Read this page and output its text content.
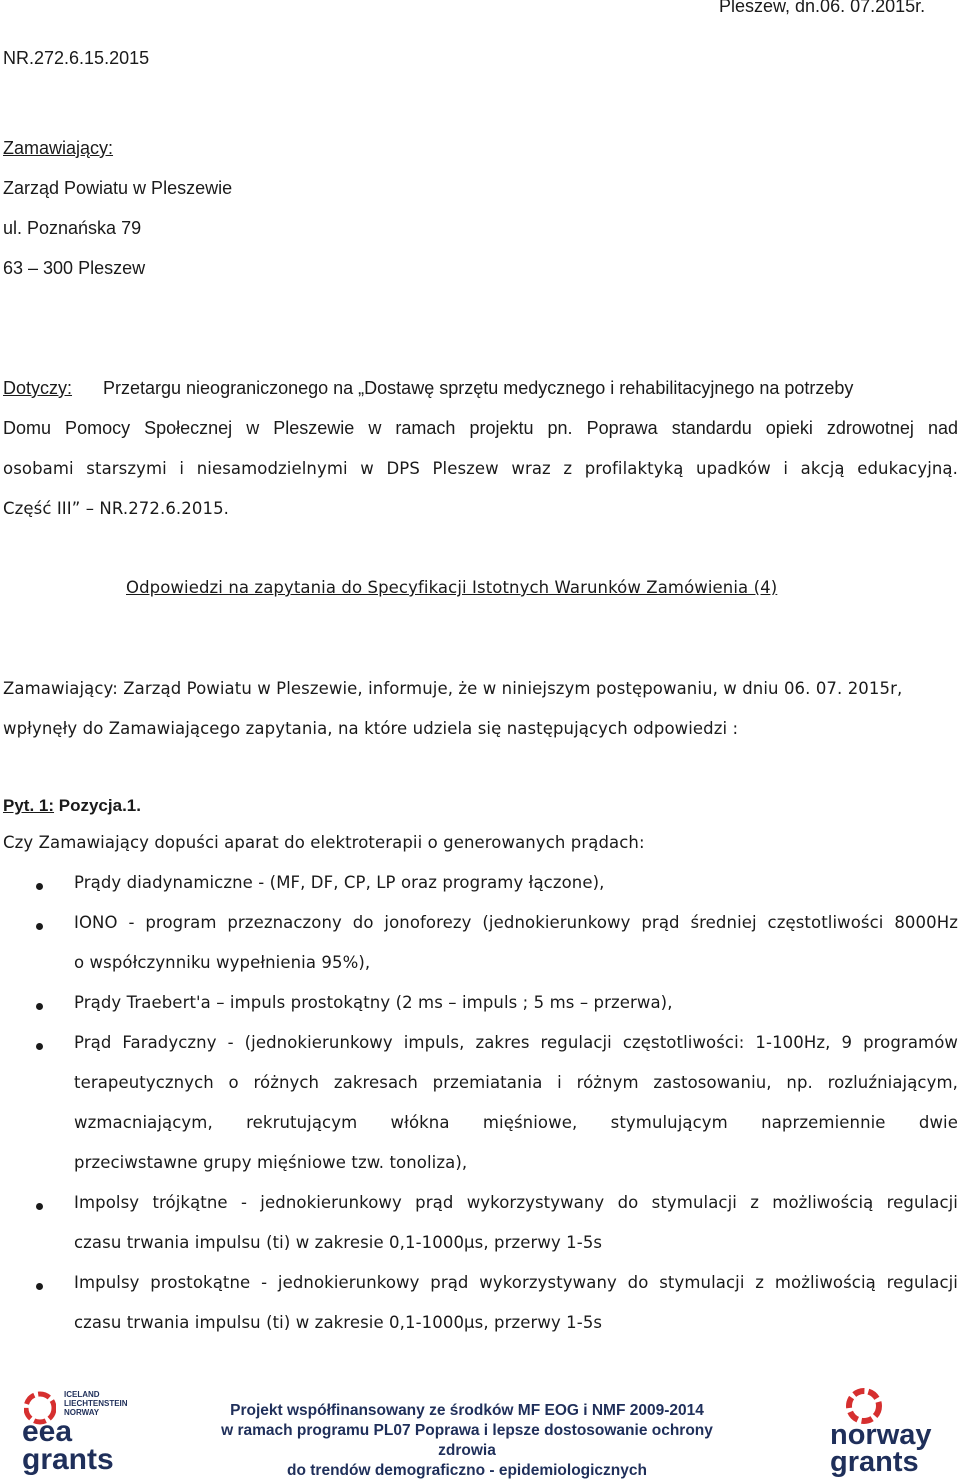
Pleszew, dn.06. 07.2015r.
NR.272.6.15.2015
Zamawiający:
Zarząd Powiatu w Pleszewie
ul. Poznańska 79
63 – 300 Pleszew
Dotyczy: Przetargu nieograniczonego na „Dostawę sprzętu medycznego i rehabilitacyjnego na potrzeby
Domu Pomocy Społecznej w Pleszewie w ramach projektu pn. Poprawa standardu opieki zdrowotnej nad
osobami starszymi i niesamodzielnymi w DPS Pleszew wraz z profilaktyką upadków i akcją edukacyjną.
Część III” – NR.272.6.2015.
Odpowiedzi na zapytania do Specyfikacji Istotnych Warunków Zamówienia (4)
Zamawiający: Zarząd Powiatu w Pleszewie, informuje, że w niniejszym postępowaniu, w dniu 06. 07. 2015r,
wpłynęły do Zamawiającego zapytania, na które udziela się następujących odpowiedzi :
Pyt. 1: Pozycja.1.
Czy Zamawiający dopuści aparat do elektroterapii o generowanych prądach:
Prądy diadynamiczne - (MF, DF, CP, LP oraz programy łączone),
IONO - program przeznaczony do jonoforezy (jednokierunkowy prąd średniej częstotliwości 8000Hz
o współczynniku wypełnienia 95%),
Prądy Traebert'a – impuls prostokątny (2 ms – impuls ; 5 ms – przerwa),
Prąd Faradyczny - (jednokierunkowy impuls, zakres regulacji częstotliwości: 1-100Hz, 9 programów
terapeutycznych o różnych zakresach przemiatania i różnym zastosowaniu, np. rozluźniającym,
wzmacniającym, rekrutującym włókna mięśniowe, stymulującym naprzemiennie dwie
przeciwstawne grupy mięśniowe tzw. tonoliza),
Impolsy trójkątne - jednokierunkowy prąd wykorzystywany do stymulacji z możliwością regulacji
czasu trwania impulsu (ti) w zakresie 0,1-1000µs, przerwy 1-5s
Impulsy prostokątne - jednokierunkowy prąd wykorzystywany do stymulacji z możliwością regulacji
czasu trwania impulsu (ti) w zakresie 0,1-1000µs, przerwy 1-5s
ICELAND
LIECHTENSTEIN
NORWAY
eea
grants
Projekt współfinansowany ze środków MF EOG i NMF 2009-2014
w ramach programu PL07 Poprawa i lepsze dostosowanie ochrony zdrowia
do trendów demograficzno - epidemiologicznych
norway
grants
